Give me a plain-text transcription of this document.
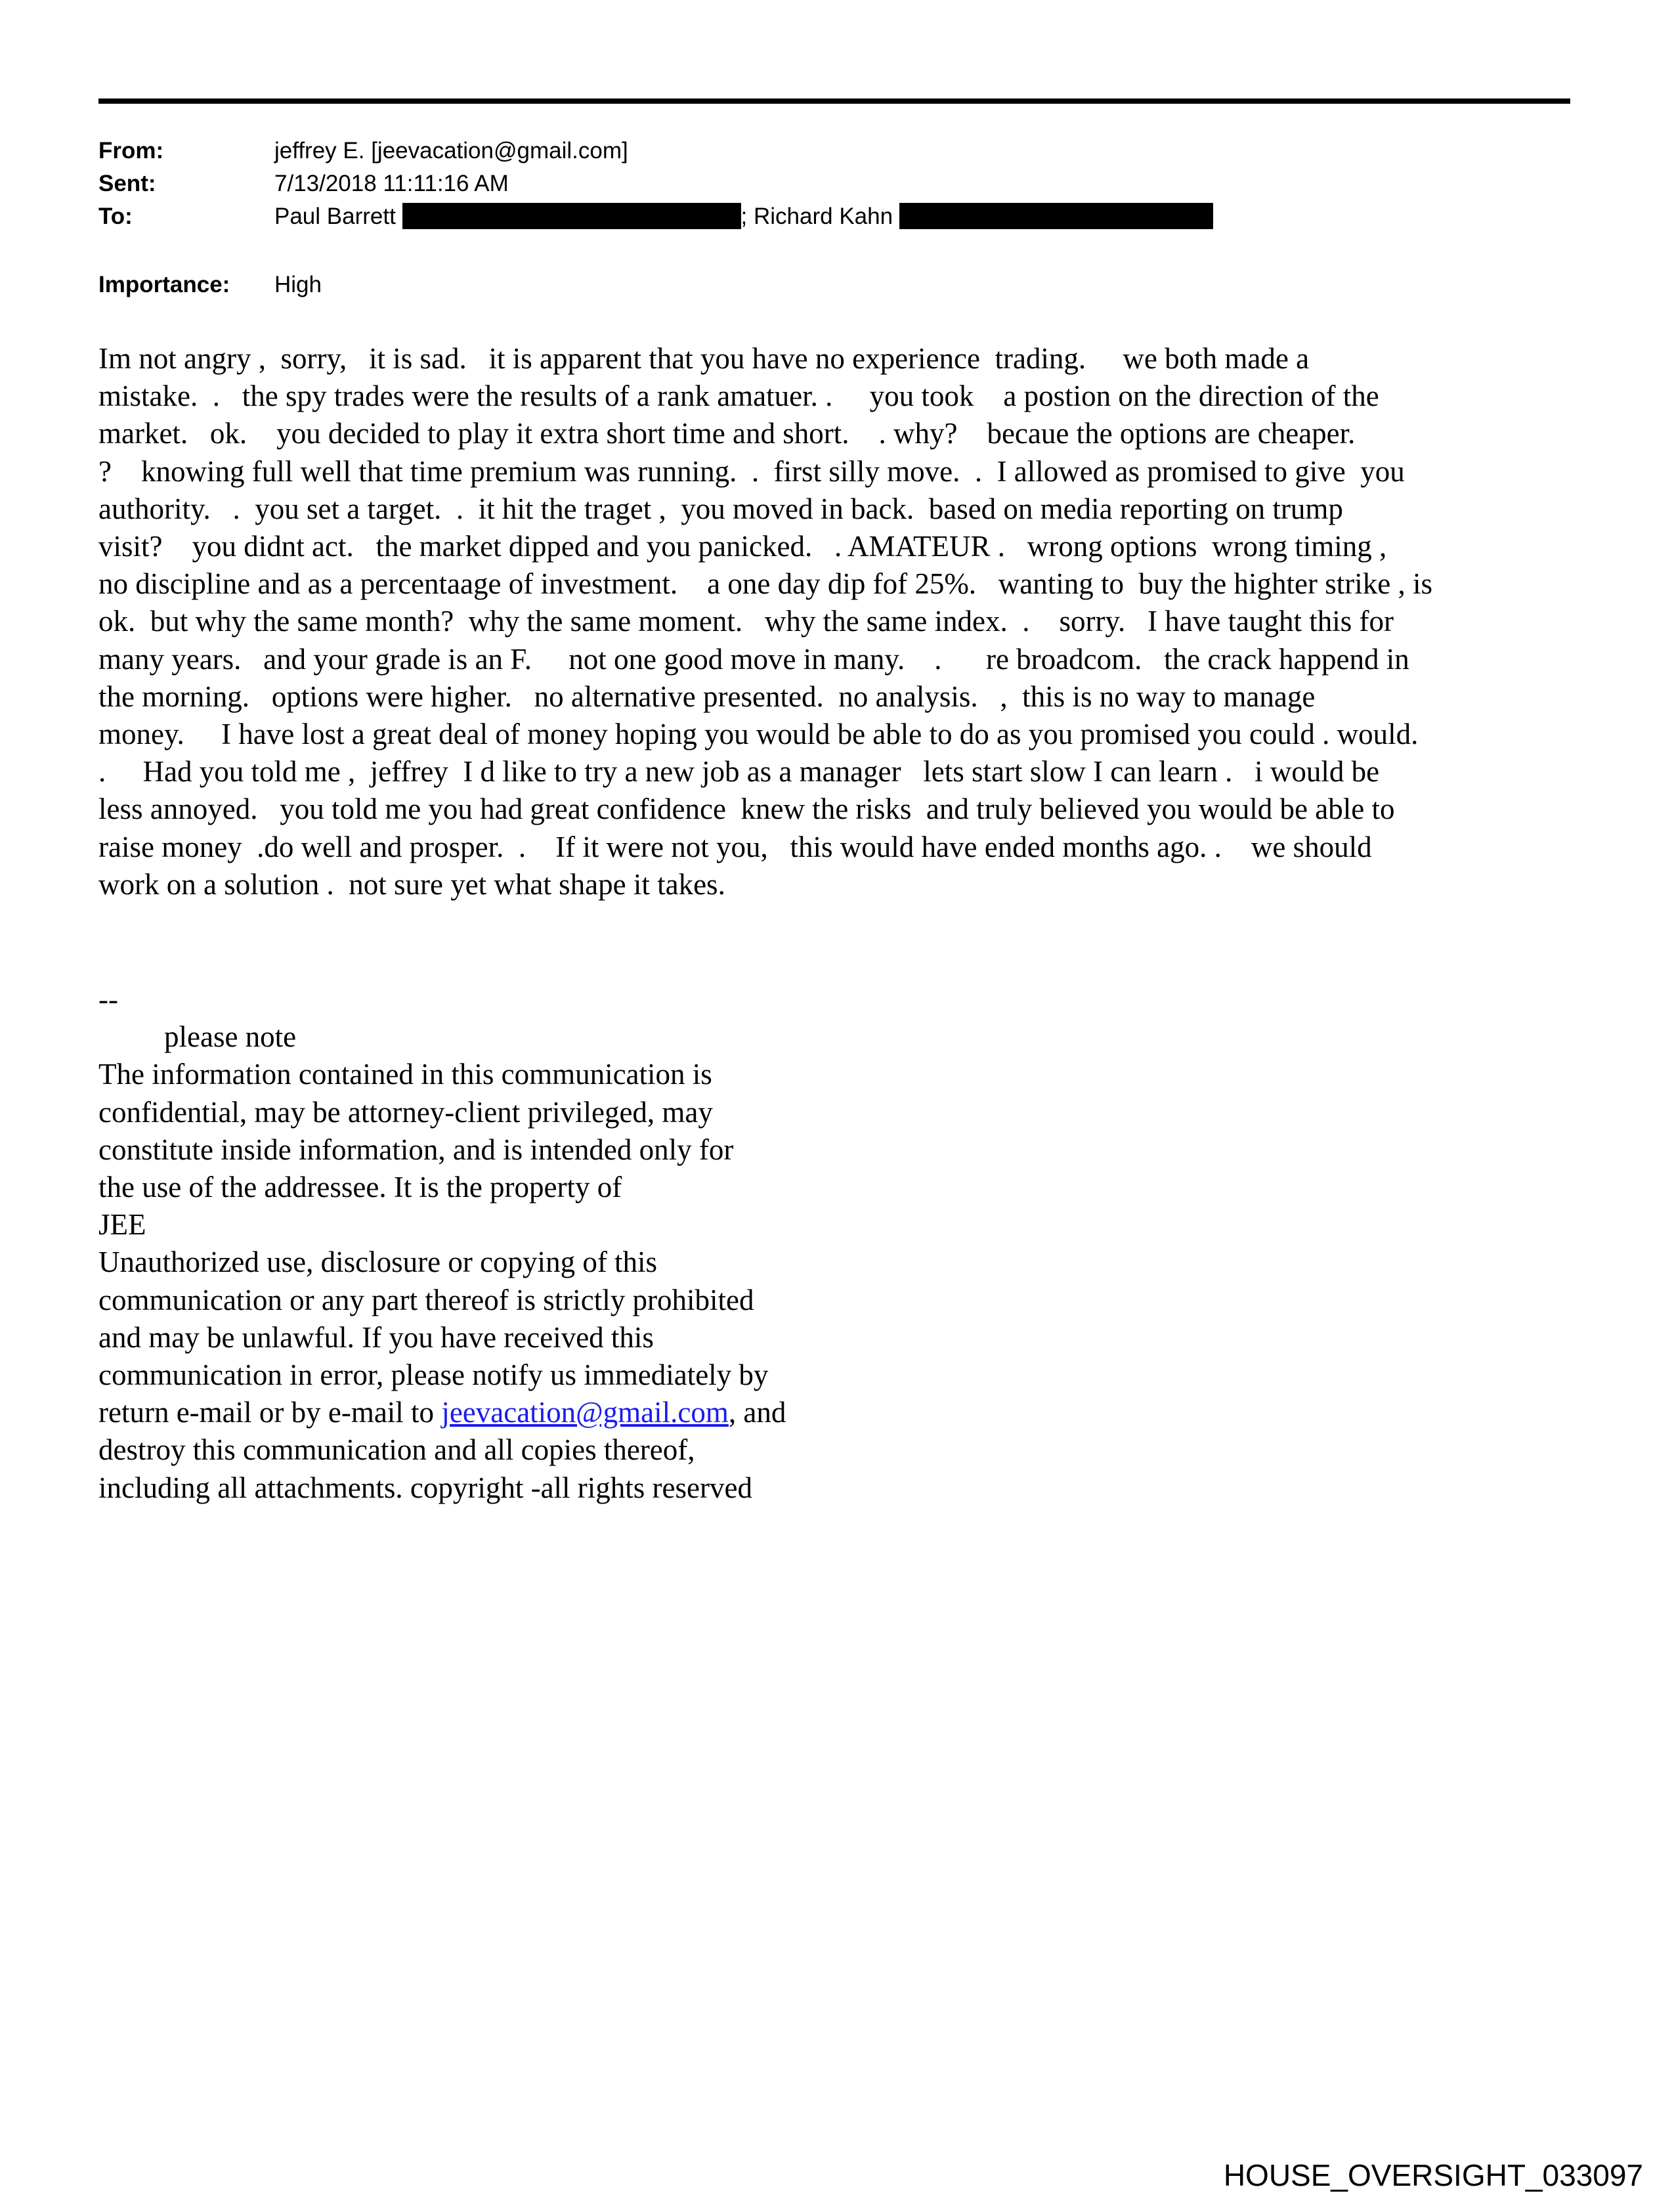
From:	jeffrey E. [jeevacation@gmail.com]
Sent:	7/13/2018 11:11:16 AM
To:	Paul Barrett	; Richard Kahn
Importance: High
Im not angry ,  sorry,   it is sad.   it is apparent that you have no experience  trading.     we both made a
mistake.  .   the spy trades were the results of a rank amatuer. .     you took    a postion on the direction of the
market.   ok.    you decided to play it extra short time and short.    . why?    becaue the options are cheaper.
?    knowing full well that time premium was running.  .  first silly move.  .  I allowed as promised to give  you
authority.   .  you set a target.  .  it hit the traget ,  you moved in back.  based on media reporting on trump
visit?    you didnt act.   the market dipped and you panicked.   . AMATEUR .   wrong options  wrong timing ,
no discipline and as a percentaage of investment.    a one day dip fof 25%.   wanting to  buy the highter strike , is
ok.  but why the same month?  why the same moment.   why the same index.  .    sorry.   I have taught this for
many years.   and your grade is an F.     not one good move in many.    .      re broadcom.   the crack happend in
the morning.   options were higher.   no alternative presented.  no analysis.   ,  this is no way to manage
money.     I have lost a great deal of money hoping you would be able to do as you promised you could . would.
.     Had you told me ,  jeffrey  I d like to try a new job as a manager   lets start slow I can learn .   i would be
less annoyed.   you told me you had great confidence  knew the risks  and truly believed you would be able to
raise money  .do well and prosper.  .    If it were not you,   this would have ended months ago. .    we should
work on a solution .  not sure yet what shape it takes.
--
please note
The information contained in this communication is
confidential, may be attorney-client privileged, may
constitute inside information, and is intended only for
the use of the addressee. It is the property of
JEE
Unauthorized use, disclosure or copying of this
communication or any part thereof is strictly prohibited
and may be unlawful. If you have received this
communication in error, please notify us immediately by
return e-mail or by e-mail to jeevacation@gmail.com, and
destroy this communication and all copies thereof,
including all attachments. copyright -all rights reserved
HOUSE_OVERSIGHT_033097
